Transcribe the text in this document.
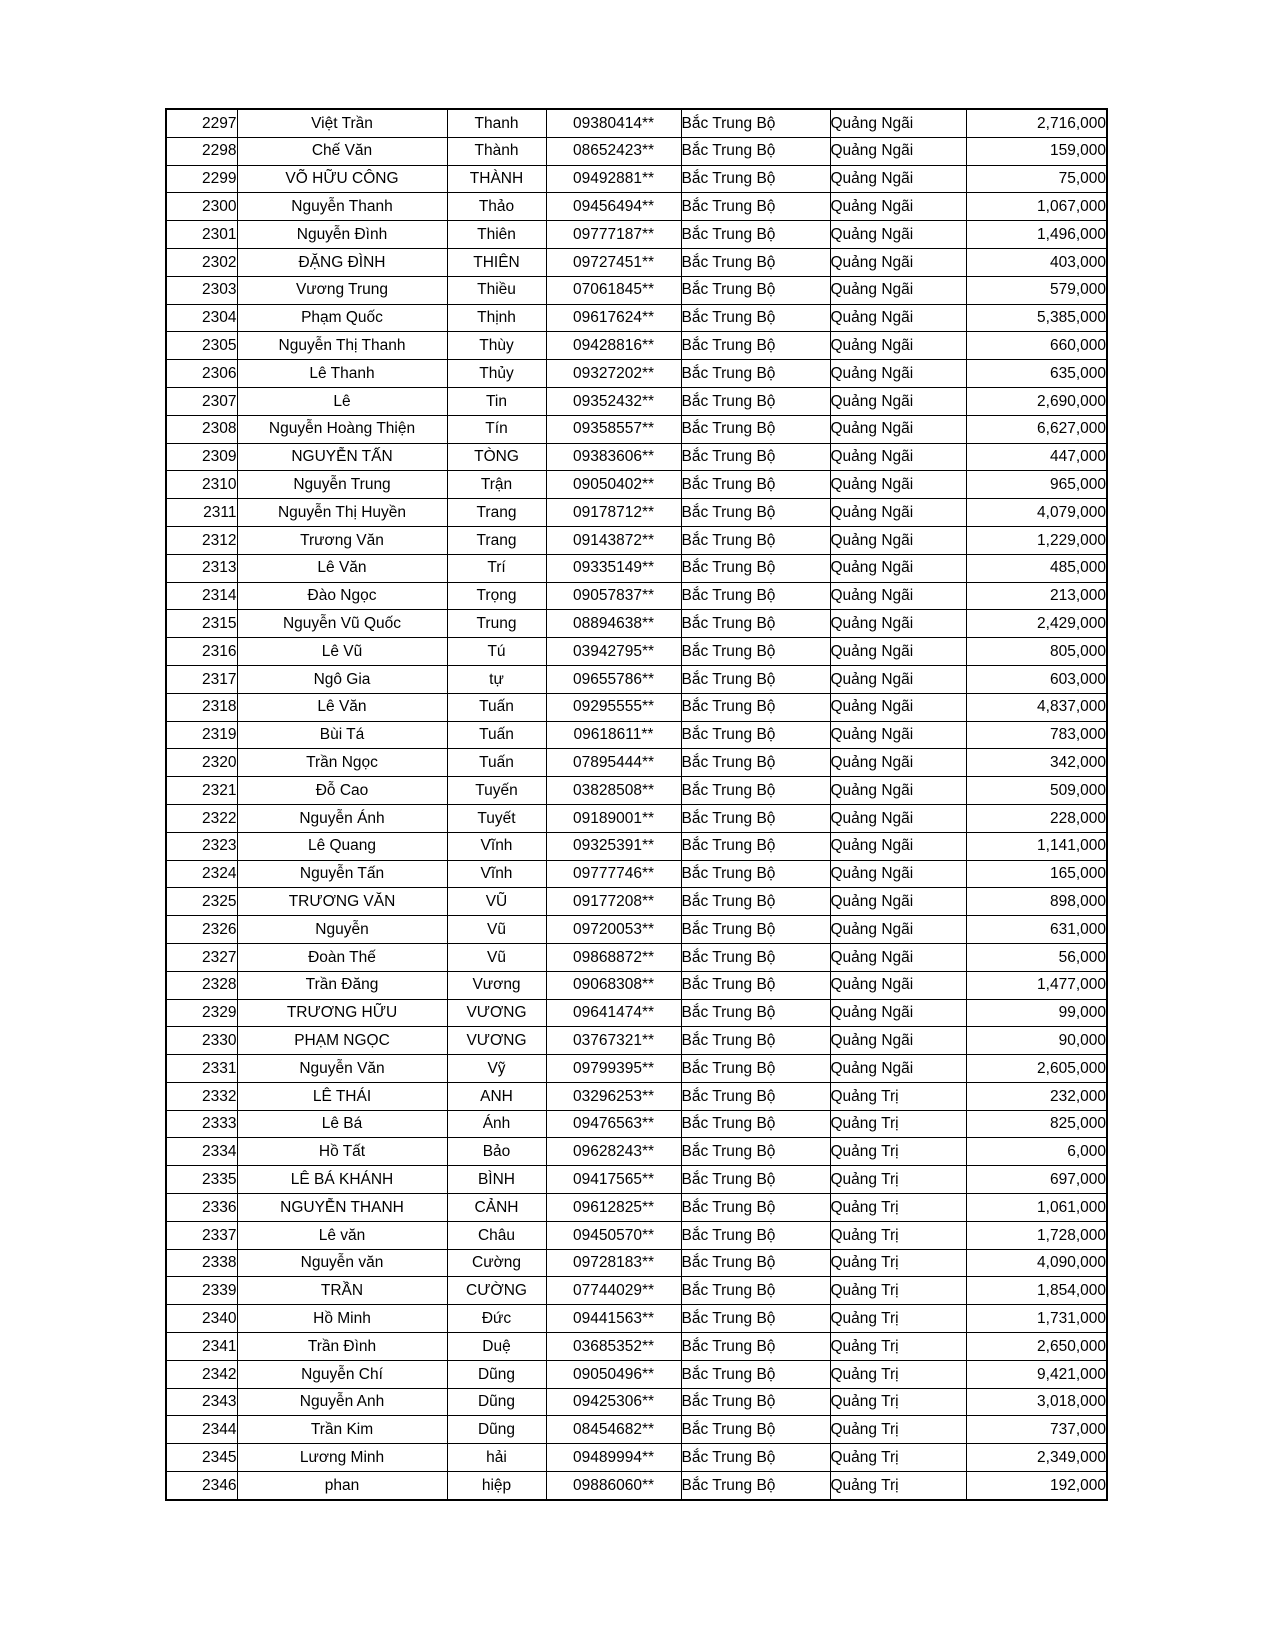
2297	Việt Trần	Thanh	09380414**	Bắc Trung Bộ	Quảng Ngãi	2,716,000
2298	Chế Văn	Thành	08652423**	Bắc Trung Bộ	Quảng Ngãi	159,000
2299	VÕ HỮU CÔNG	THÀNH	09492881**	Bắc Trung Bộ	Quảng Ngãi	75,000
2300	Nguyễn Thanh	Thảo	09456494**	Bắc Trung Bộ	Quảng Ngãi	1,067,000
2301	Nguyễn Đình	Thiên	09777187**	Bắc Trung Bộ	Quảng Ngãi	1,496,000
2302	ĐẶNG ĐÌNH	THIÊN	09727451**	Bắc Trung Bộ	Quảng Ngãi	403,000
2303	Vương Trung	Thiều	07061845**	Bắc Trung Bộ	Quảng Ngãi	579,000
2304	Phạm Quốc	Thịnh	09617624**	Bắc Trung Bộ	Quảng Ngãi	5,385,000
2305	Nguyễn Thị Thanh	Thùy	09428816**	Bắc Trung Bộ	Quảng Ngãi	660,000
2306	Lê Thanh	Thủy	09327202**	Bắc Trung Bộ	Quảng Ngãi	635,000
2307	Lê	Tin	09352432**	Bắc Trung Bộ	Quảng Ngãi	2,690,000
2308	Nguyễn Hoàng Thiện	Tín	09358557**	Bắc Trung Bộ	Quảng Ngãi	6,627,000
2309	NGUYỄN TẤN	TÒNG	09383606**	Bắc Trung Bộ	Quảng Ngãi	447,000
2310	Nguyễn Trung	Trận	09050402**	Bắc Trung Bộ	Quảng Ngãi	965,000
2311	Nguyễn Thị Huyền	Trang	09178712**	Bắc Trung Bộ	Quảng Ngãi	4,079,000
2312	Trương Văn	Trang	09143872**	Bắc Trung Bộ	Quảng Ngãi	1,229,000
2313	Lê Văn	Trí	09335149**	Bắc Trung Bộ	Quảng Ngãi	485,000
2314	Đào Ngọc	Trọng	09057837**	Bắc Trung Bộ	Quảng Ngãi	213,000
2315	Nguyễn Vũ Quốc	Trung	08894638**	Bắc Trung Bộ	Quảng Ngãi	2,429,000
2316	Lê Vũ	Tú	03942795**	Bắc Trung Bộ	Quảng Ngãi	805,000
2317	Ngô Gia	tự	09655786**	Bắc Trung Bộ	Quảng Ngãi	603,000
2318	Lê Văn	Tuấn	09295555**	Bắc Trung Bộ	Quảng Ngãi	4,837,000
2319	Bùi Tá	Tuấn	09618611**	Bắc Trung Bộ	Quảng Ngãi	783,000
2320	Trần Ngọc	Tuấn	07895444**	Bắc Trung Bộ	Quảng Ngãi	342,000
2321	Đỗ Cao	Tuyến	03828508**	Bắc Trung Bộ	Quảng Ngãi	509,000
2322	Nguyễn Ánh	Tuyết	09189001**	Bắc Trung Bộ	Quảng Ngãi	228,000
2323	Lê Quang	Vĩnh	09325391**	Bắc Trung Bộ	Quảng Ngãi	1,141,000
2324	Nguyễn Tấn	Vĩnh	09777746**	Bắc Trung Bộ	Quảng Ngãi	165,000
2325	TRƯƠNG VĂN	VŨ	09177208**	Bắc Trung Bộ	Quảng Ngãi	898,000
2326	Nguyễn	Vũ	09720053**	Bắc Trung Bộ	Quảng Ngãi	631,000
2327	Đoàn Thế	Vũ	09868872**	Bắc Trung Bộ	Quảng Ngãi	56,000
2328	Trần Đăng	Vương	09068308**	Bắc Trung Bộ	Quảng Ngãi	1,477,000
2329	TRƯƠNG HỮU	VƯƠNG	09641474**	Bắc Trung Bộ	Quảng Ngãi	99,000
2330	PHẠM NGỌC	VƯƠNG	03767321**	Bắc Trung Bộ	Quảng Ngãi	90,000
2331	Nguyễn Văn	Vỹ	09799395**	Bắc Trung Bộ	Quảng Ngãi	2,605,000
2332	LÊ THÁI	ANH	03296253**	Bắc Trung Bộ	Quảng Trị	232,000
2333	Lê Bá	Ánh	09476563**	Bắc Trung Bộ	Quảng Trị	825,000
2334	Hồ Tất	Bảo	09628243**	Bắc Trung Bộ	Quảng Trị	6,000
2335	LÊ BÁ KHÁNH	BÌNH	09417565**	Bắc Trung Bộ	Quảng Trị	697,000
2336	NGUYỄN THANH	CẢNH	09612825**	Bắc Trung Bộ	Quảng Trị	1,061,000
2337	Lê văn	Châu	09450570**	Bắc Trung Bộ	Quảng Trị	1,728,000
2338	Nguyễn văn	Cường	09728183**	Bắc Trung Bộ	Quảng Trị	4,090,000
2339	TRẦN	CƯỜNG	07744029**	Bắc Trung Bộ	Quảng Trị	1,854,000
2340	Hồ Minh	Đức	09441563**	Bắc Trung Bộ	Quảng Trị	1,731,000
2341	Trần Đình	Duệ	03685352**	Bắc Trung Bộ	Quảng Trị	2,650,000
2342	Nguyễn Chí	Dũng	09050496**	Bắc Trung Bộ	Quảng Trị	9,421,000
2343	Nguyễn Anh	Dũng	09425306**	Bắc Trung Bộ	Quảng Trị	3,018,000
2344	Trần Kim	Dũng	08454682**	Bắc Trung Bộ	Quảng Trị	737,000
2345	Lương Minh	hải	09489994**	Bắc Trung Bộ	Quảng Trị	2,349,000
2346	phan	hiệp	09886060**	Bắc Trung Bộ	Quảng Trị	192,000
